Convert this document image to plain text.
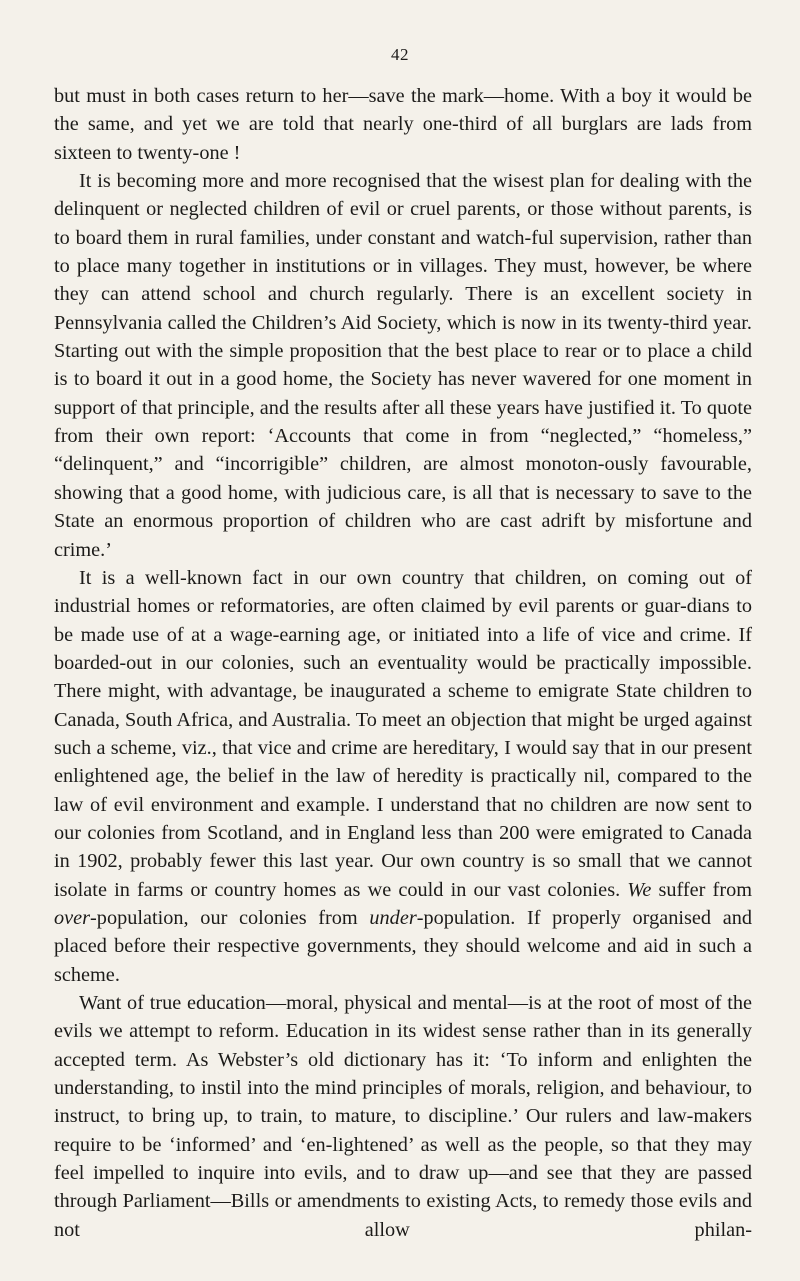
42

but must in both cases return to her—save the mark—home. With a boy it would be the same, and yet we are told that nearly one-third of all burglars are lads from sixteen to twenty-one !

It is becoming more and more recognised that the wisest plan for dealing with the delinquent or neglected children of evil or cruel parents, or those without parents, is to board them in rural families, under constant and watch-ful supervision, rather than to place many together in institutions or in villages. They must, however, be where they can attend school and church regularly. There is an excellent society in Pennsylvania called the Children’s Aid Society, which is now in its twenty-third year. Starting out with the simple proposition that the best place to rear or to place a child is to board it out in a good home, the Society has never wavered for one moment in support of that principle, and the results after all these years have justified it. To quote from their own report: ‘Accounts that come in from “neglected,” “homeless,” “delinquent,” and “incorrigible” children, are almost monoton-ously favourable, showing that a good home, with judicious care, is all that is necessary to save to the State an enormous proportion of children who are cast adrift by misfortune and crime.’

It is a well-known fact in our own country that children, on coming out of industrial homes or reformatories, are often claimed by evil parents or guar-dians to be made use of at a wage-earning age, or initiated into a life of vice and crime. If boarded-out in our colonies, such an eventuality would be practically impossible. There might, with advantage, be inaugurated a scheme to emigrate State children to Canada, South Africa, and Australia. To meet an objection that might be urged against such a scheme, viz., that vice and crime are hereditary, I would say that in our present enlightened age, the belief in the law of heredity is practically nil, compared to the law of evil environment and example. I understand that no children are now sent to our colonies from Scotland, and in England less than 200 were emigrated to Canada in 1902, probably fewer this last year. Our own country is so small that we cannot isolate in farms or country homes as we could in our vast colonies. We suffer from over-population, our colonies from under-population. If properly organised and placed before their respective governments, they should welcome and aid in such a scheme.

Want of true education—moral, physical and mental—is at the root of most of the evils we attempt to reform. Education in its widest sense rather than in its generally accepted term. As Webster’s old dictionary has it: ‘To inform and enlighten the understanding, to instil into the mind principles of morals, religion, and behaviour, to instruct, to bring up, to train, to mature, to discipline.’ Our rulers and law-makers require to be ‘informed’ and ‘en-lightened’ as well as the people, so that they may feel impelled to inquire into evils, and to draw up—and see that they are passed through Parliament—Bills or amendments to existing Acts, to remedy those evils and not allow philan-
